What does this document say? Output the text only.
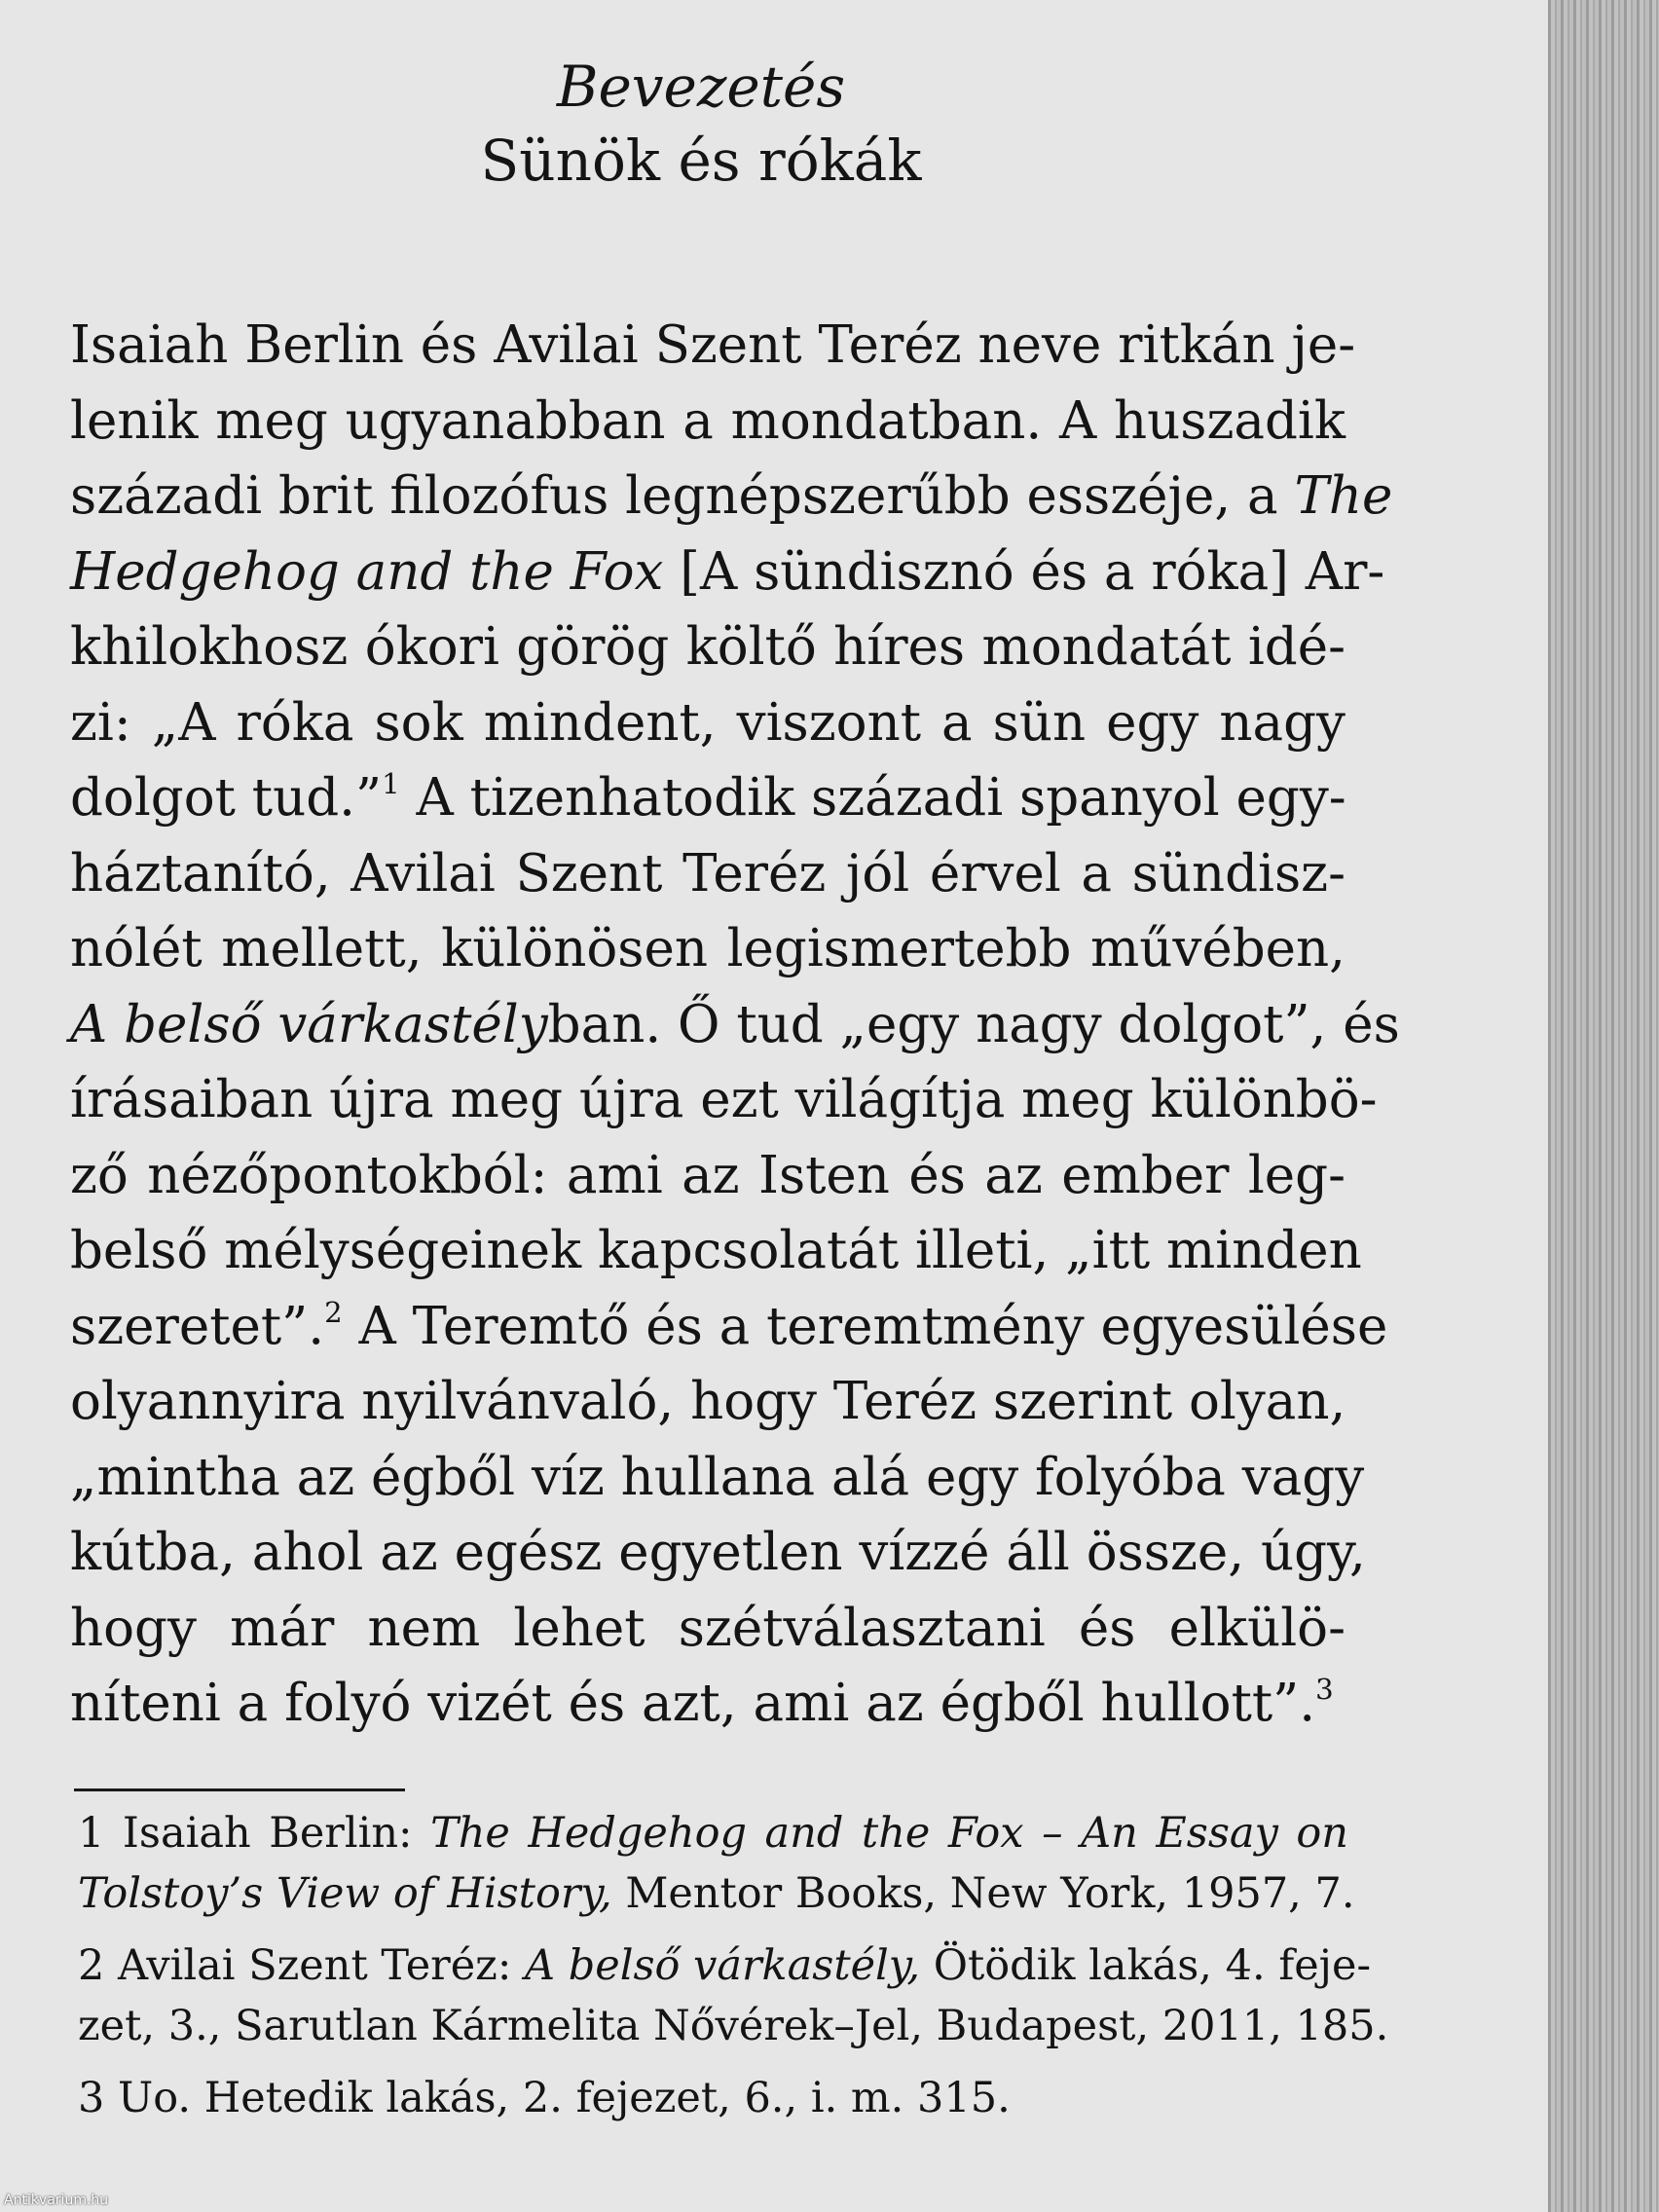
Bevezetés
Sünök és rókák
Isaiah Berlin és Avilai Szent Teréz neve ritkán je-
lenik meg ugyanabban a mondatban. A huszadik
századi brit filozófus legnépszerűbb esszéje, a The
Hedgehog and the Fox [A sündisznó és a róka] Ar-
khilokhosz ókori görög költő híres mondatát idé-
zi: „A róka sok mindent, viszont a sün egy nagy
dolgot tud.”$^1$ A tizenhatodik századi spanyol egy-
háztanító, Avilai Szent Teréz jól érvel a sündisz-
nólét mellett, különösen legismertebb művében,
A belső várkastélyban. Ő tud „egy nagy dolgot”, és
írásaiban újra meg újra ezt világítja meg különbö-
ző nézőpontokból: ami az Isten és az ember leg-
belső mélységeinek kapcsolatát illeti, „itt minden
szeretet”.$^2$ A Teremtő és a teremtmény egyesülése
olyannyira nyilvánvaló, hogy Teréz szerint olyan,
„mintha az égből víz hullana alá egy folyóba vagy
kútba, ahol az egész egyetlen vízzé áll össze, úgy,
hogy már nem lehet szétválasztani és elkülö-
níteni a folyó vizét és azt, ami az égből hullott”.$^3$
1 Isaiah Berlin: The Hedgehog and the Fox – An Essay on
Tolstoy’s View of History, Mentor Books, New York, 1957, 7.
2 Avilai Szent Teréz: A belső várkastély, Ötödik lakás, 4. feje-
zet, 3., Sarutlan Kármelita Nővérek–Jel, Budapest, 2011, 185.
3 Uo. Hetedik lakás, 2. fejezet, 6., i. m. 315.
Antikvarium.hu
